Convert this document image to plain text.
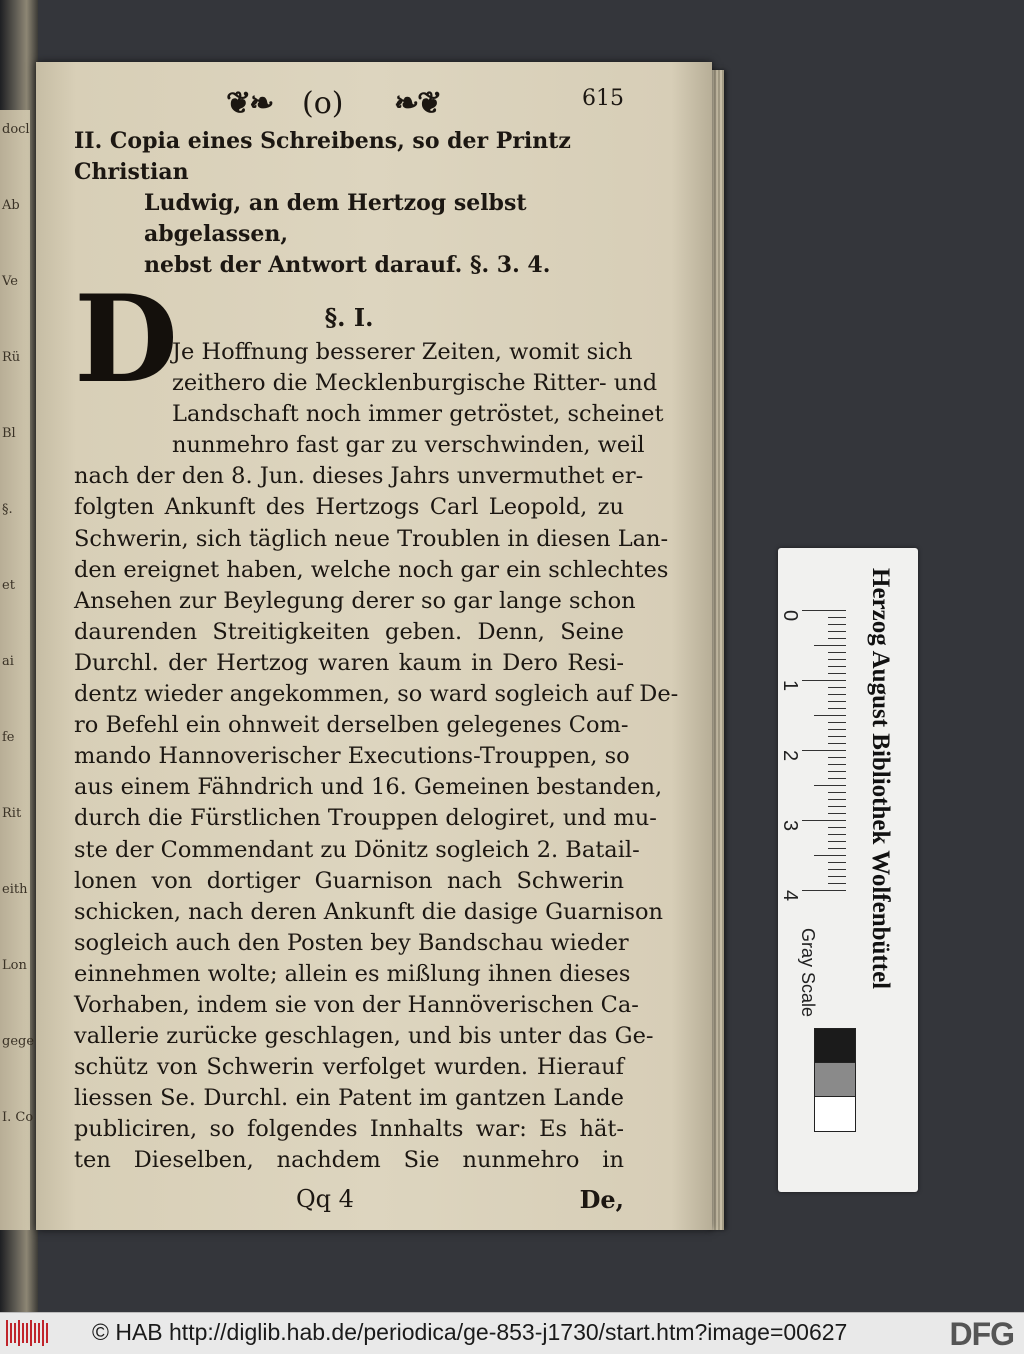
docl
Ab
Ve
Rü
Bl
§.
et
ai
fe
Rit
eith
Lon
gege
I. Co
❦❧ (o) ❧❦	615
II. Copia eines Schreibens, so der Printz Christian
Ludwig, an dem Hertzog selbst abgelassen,
nebst der Antwort darauf. §. 3. 4.
§. I.
Je Hoffnung besserer Zeiten, womit sich
zeithero die Mecklenburgische Ritter- und
Landschaft noch immer getröstet, scheinet
nunmehro fast gar zu verschwinden, weil
nach der den 8. Jun. dieses Jahrs unvermuthet er-
folgten Ankunft des Hertzogs Carl Leopold, zu
Schwerin, sich täglich neue Troublen in diesen Lan-
den ereignet haben, welche noch gar ein schlechtes
Ansehen zur Beylegung derer so gar lange schon
daurenden Streitigkeiten geben. Denn, Seine
Durchl. der Hertzog waren kaum in Dero Resi-
dentz wieder angekommen, so ward sogleich auf De-
ro Befehl ein ohnweit derselben gelegenes Com-
mando Hannoverischer Executions-Trouppen, so
aus einem Fähndrich und 16. Gemeinen bestanden,
durch die Fürstlichen Trouppen delogiret, und mu-
ste der Commendant zu Dönitz sogleich 2. Batail-
lonen von dortiger Guarnison nach Schwerin
schicken, nach deren Ankunft die dasige Guarnison
sogleich auch den Posten bey Bandschau wieder
einnehmen wolte; allein es mißlung ihnen dieses
Vorhaben, indem sie von der Hannöverischen Ca-
vallerie zurücke geschlagen, und bis unter das Ge-
schütz von Schwerin verfolget wurden. Hierauf
liessen Se. Durchl. ein Patent im gantzen Lande
publiciren, so folgendes Innhalts war: Es hät-
ten Dieselben, nachdem Sie nunmehro in
D
Qq 4	De,
Herzog August Bibliothek Wolfenbüttel
0
1
2
3
4
Gray Scale
© HAB http://diglib.hab.de/periodica/ge-853-j1730/start.htm?image=00627	DFG
